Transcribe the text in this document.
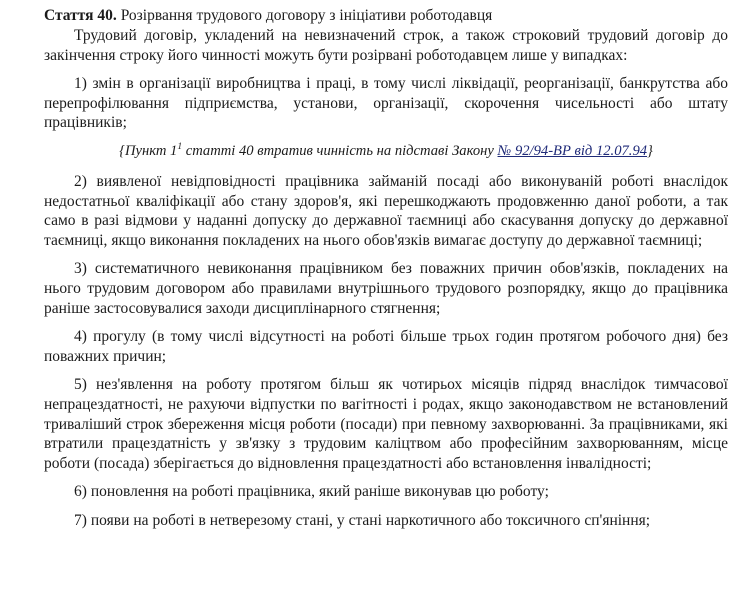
Стаття 40. Розірвання трудового договору з ініціативи роботодавця

Трудовий договір, укладений на невизначений строк, а також строковий трудовий договір до закінчення строку його чинності можуть бути розірвані роботодавцем лише у випадках:

1) змін в організації виробництва і праці, в тому числі ліквідації, реорганізації, банкрутства або перепрофілювання підприємства, установи, організації, скорочення чисельності або штату працівників;

{Пункт $1^1$ статті 40 втратив чинність на підставі Закону № 92/94-ВР від 12.07.94}

2) виявленої невідповідності працівника займаній посаді або виконуваній роботі внаслідок недостатньої кваліфікації або стану здоров'я, які перешкоджають продовженню даної роботи, а так само в разі відмови у наданні допуску до державної таємниці або скасування допуску до державної таємниці, якщо виконання покладених на нього обов'язків вимагає доступу до державної таємниці;

3) систематичного невиконання працівником без поважних причин обов'язків, покладених на нього трудовим договором або правилами внутрішнього трудового розпорядку, якщо до працівника раніше застосовувалися заходи дисциплінарного стягнення;

4) прогулу (в тому числі відсутності на роботі більше трьох годин протягом робочого дня) без поважних причин;

5) нез'явлення на роботу протягом більш як чотирьох місяців підряд внаслідок тимчасової непрацездатності, не рахуючи відпустки по вагітності і родах, якщо законодавством не встановлений триваліший строк збереження місця роботи (посади) при певному захворюванні. За працівниками, які втратили працездатність у зв'язку з трудовим каліцтвом або професійним захворюванням, місце роботи (посада) зберігається до відновлення працездатності або встановлення інвалідності;

6) поновлення на роботі працівника, який раніше виконував цю роботу;

7) появи на роботі в нетверезому стані, у стані наркотичного або токсичного сп'яніння;
